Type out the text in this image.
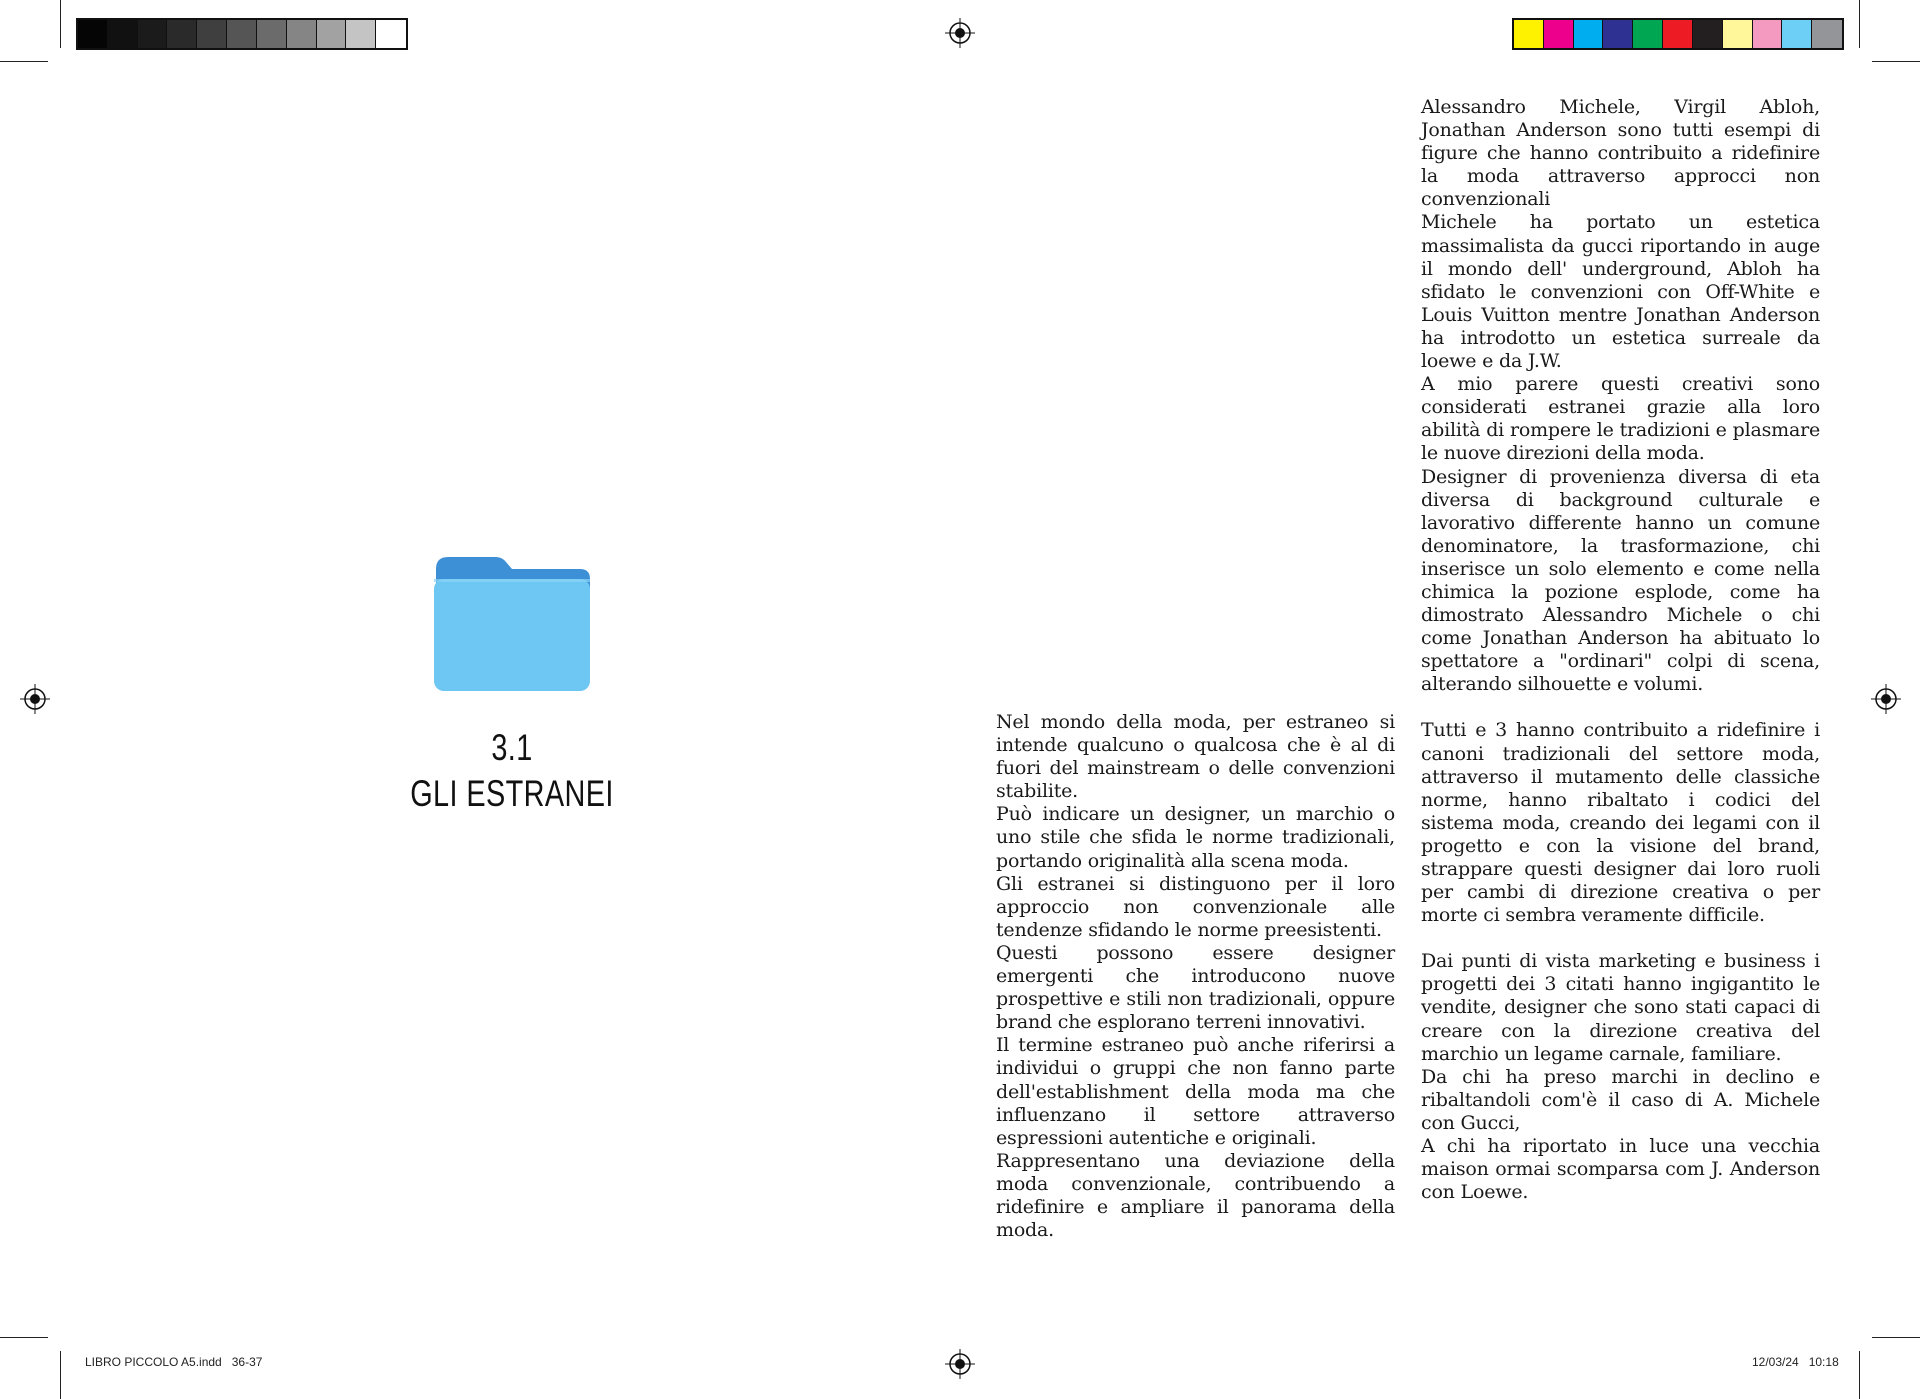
3.1
GLI ESTRANEI

Nel mondo della moda, per estraneo si intende qualcuno o qualcosa che è al di fuori del mainstream o delle convenzioni stabilite.

Può indicare un designer, un marchio o uno stile che sfida le norme tradizionali, portando originalità alla scena moda.

Gli estranei si distinguono per il loro approccio non convenzionale alle tendenze sfidando le norme preesistenti.

Questi possono essere designer emergenti che introducono nuove prospettive e stili non tradizionali, oppure brand che esplorano terreni innovativi.

Il termine estraneo può anche riferirsi a individui o gruppi che non fanno parte dell'establishment della moda ma che influenzano il settore attraverso espressioni autentiche e originali.

Rappresentano una deviazione della moda convenzionale, contribuendo a ridefinire e ampliare il panorama della moda.

Alessandro Michele, Virgil Abloh, Jonathan Anderson sono tutti esempi di figure che hanno contribuito a ridefinire la moda attraverso approcci non convenzionali

Michele ha portato un estetica massimalista da gucci riportando in auge il mondo dell' underground, Abloh ha sfidato le convenzioni con Off-White e Louis Vuitton mentre Jonathan Anderson ha introdotto un estetica surreale da loewe e da J.W.

A mio parere questi creativi sono considerati estranei grazie alla loro abilità di rompere le tradizioni e plasmare le nuove direzioni della moda.

Designer di provenienza diversa di eta diversa di background culturale e lavorativo differente hanno un comune denominatore, la trasformazione, chi inserisce un solo elemento e come nella chimica la pozione esplode, come ha dimostrato Alessandro Michele o chi come Jonathan Anderson ha abituato lo spettatore a "ordinari" colpi di scena, alterando silhouette e volumi.

Tutti e 3 hanno contribuito a ridefinire i canoni tradizionali del settore moda, attraverso il mutamento delle classiche norme, hanno ribaltato i codici del sistema moda, creando dei legami con il progetto e con la visione del brand, strappare questi designer dai loro ruoli per cambi di direzione creativa o per morte ci sembra veramente difficile.

Dai punti di vista marketing e business i progetti dei 3 citati hanno ingigantito le vendite, designer che sono stati capaci di creare con la direzione creativa del marchio un legame carnale, familiare.

Da chi ha preso marchi in declino e ribaltandoli com'è il caso di A. Michele con Gucci,

A chi ha riportato in luce una vecchia maison ormai scomparsa com J. Anderson con Loewe.

LIBRO PICCOLO A5.indd   36-37	12/03/24   10:18
